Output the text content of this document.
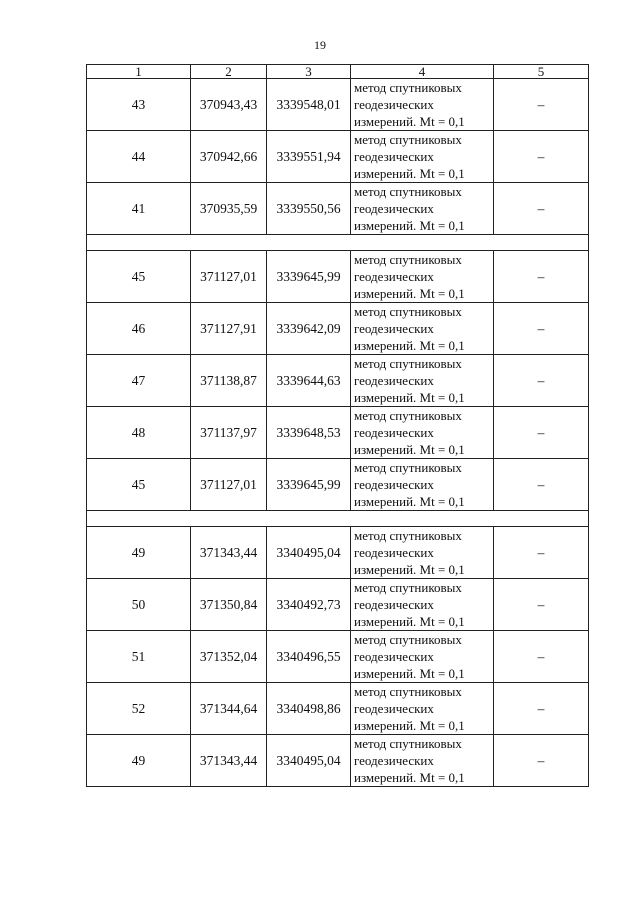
19
1	2	3	4	5
43	370943,43	3339548,01	метод спутниковых
геодезических
измерений. Mt = 0,1	–
44	370942,66	3339551,94	метод спутниковых
геодезических
измерений. Mt = 0,1	–
41	370935,59	3339550,56	метод спутниковых
геодезических
измерений. Mt = 0,1	–

45	371127,01	3339645,99	метод спутниковых
геодезических
измерений. Mt = 0,1	–
46	371127,91	3339642,09	метод спутниковых
геодезических
измерений. Mt = 0,1	–
47	371138,87	3339644,63	метод спутниковых
геодезических
измерений. Mt = 0,1	–
48	371137,97	3339648,53	метод спутниковых
геодезических
измерений. Mt = 0,1	–
45	371127,01	3339645,99	метод спутниковых
геодезических
измерений. Mt = 0,1	–

49	371343,44	3340495,04	метод спутниковых
геодезических
измерений. Mt = 0,1	–
50	371350,84	3340492,73	метод спутниковых
геодезических
измерений. Mt = 0,1	–
51	371352,04	3340496,55	метод спутниковых
геодезических
измерений. Mt = 0,1	–
52	371344,64	3340498,86	метод спутниковых
геодезических
измерений. Mt = 0,1	–
49	371343,44	3340495,04	метод спутниковых
геодезических
измерений. Mt = 0,1	–
